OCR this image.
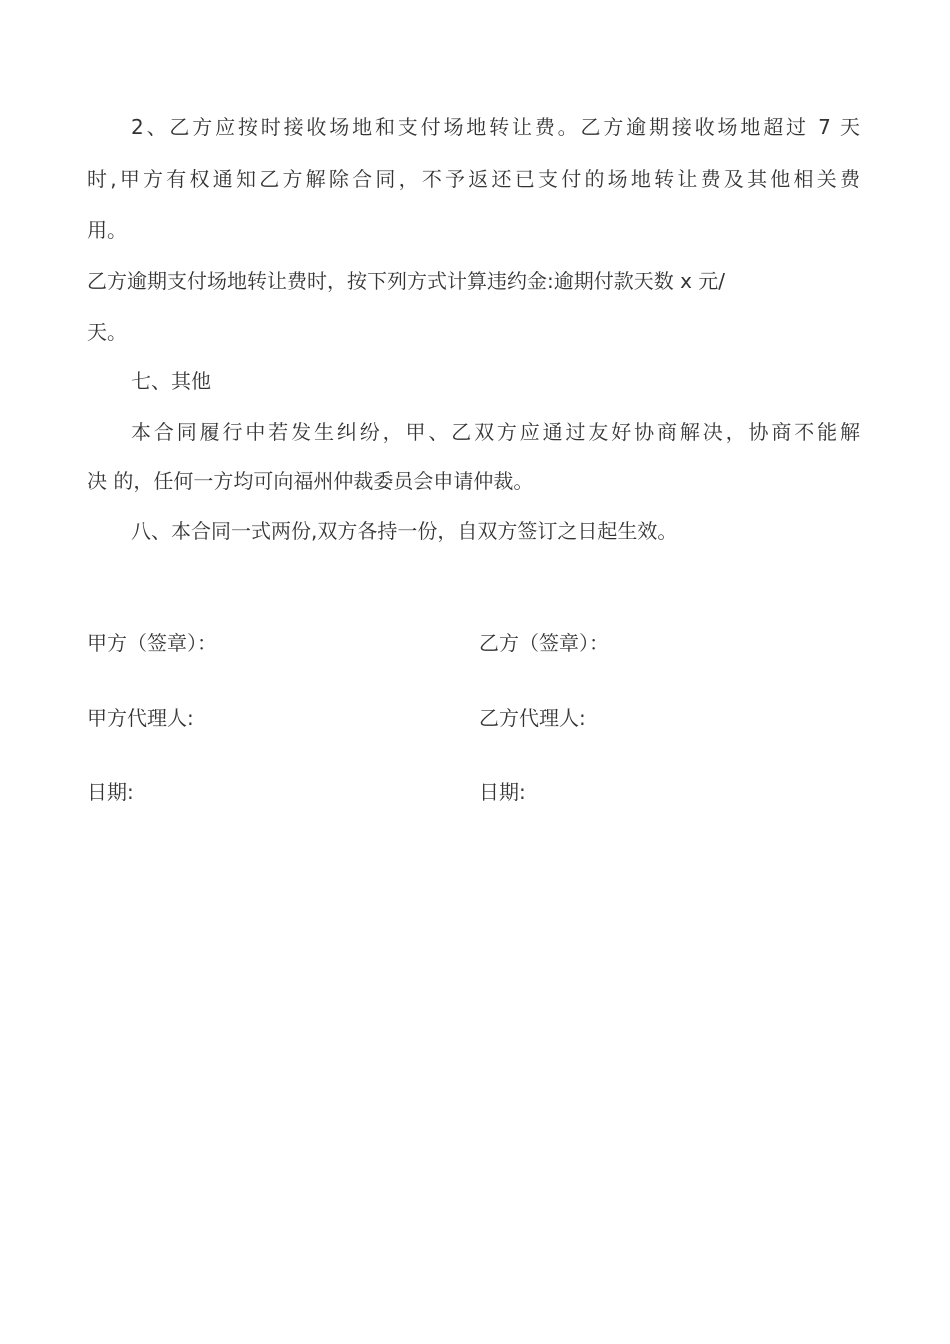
2、乙方应按时接收场地和支付场地转让费。乙方逾期接收场地超过 7 天
时,甲方有权通知乙方解除合同，不予返还已支付的场地转让费及其他相关费
用。
乙方逾期支付场地转让费时，按下列方式计算违约金:逾期付款天数 x 元/
天。
七、其他
本合同履行中若发生纠纷，甲、乙双方应通过友好协商解决，协商不能解
决 的，任何一方均可向福州仲裁委员会申请仲裁。
八、本合同一式两份,双方各持一份，自双方签订之日起生效。
甲方（签章）：	乙方（签章）：
甲方代理人:	乙方代理人:
日期:	日期:
